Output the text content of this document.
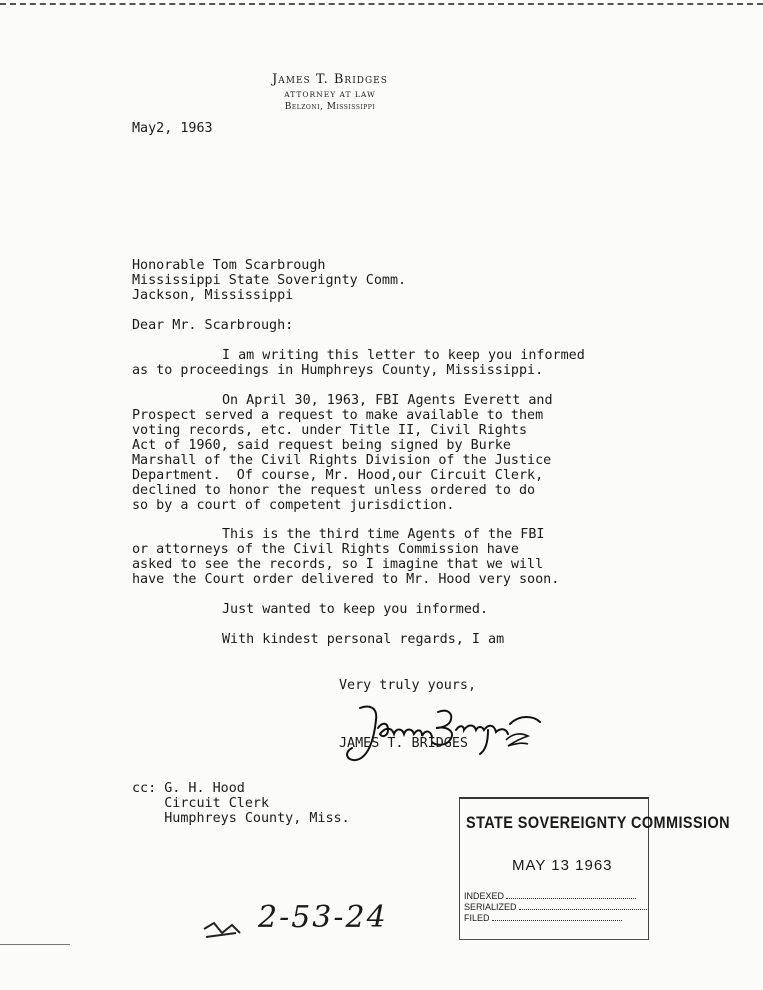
James T. Bridges
ATTORNEY AT LAW
Belzoni, Mississippi
May2, 1963
Honorable Tom Scarbrough
Mississippi State Soverignty Comm.
Jackson, Mississippi
Dear Mr. Scarbrough:
I am writing this letter to keep you informed
as to proceedings in Humphreys County, Mississippi.
On April 30, 1963, FBI Agents Everett and
Prospect served a request to make available to them
voting records, etc. under Title II, Civil Rights
Act of 1960, said request being signed by Burke
Marshall of the Civil Rights Division of the Justice
Department.  Of course, Mr. Hood,our Circuit Clerk,
declined to honor the request unless ordered to do
so by a court of competent jurisdiction.
This is the third time Agents of the FBI
or attorneys of the Civil Rights Commission have
asked to see the records, so I imagine that we will
have the Court order delivered to Mr. Hood very soon.
Just wanted to keep you informed.
With kindest personal regards, I am
Very truly yours,
JAMES T. BRIDGES
cc: G. H. Hood
Circuit Clerk
Humphreys County, Miss.	STATE SOVEREIGNTY COMMISSION
MAY 13 1963
INDEXED
SERIALIZED
FILED
2-53-24
